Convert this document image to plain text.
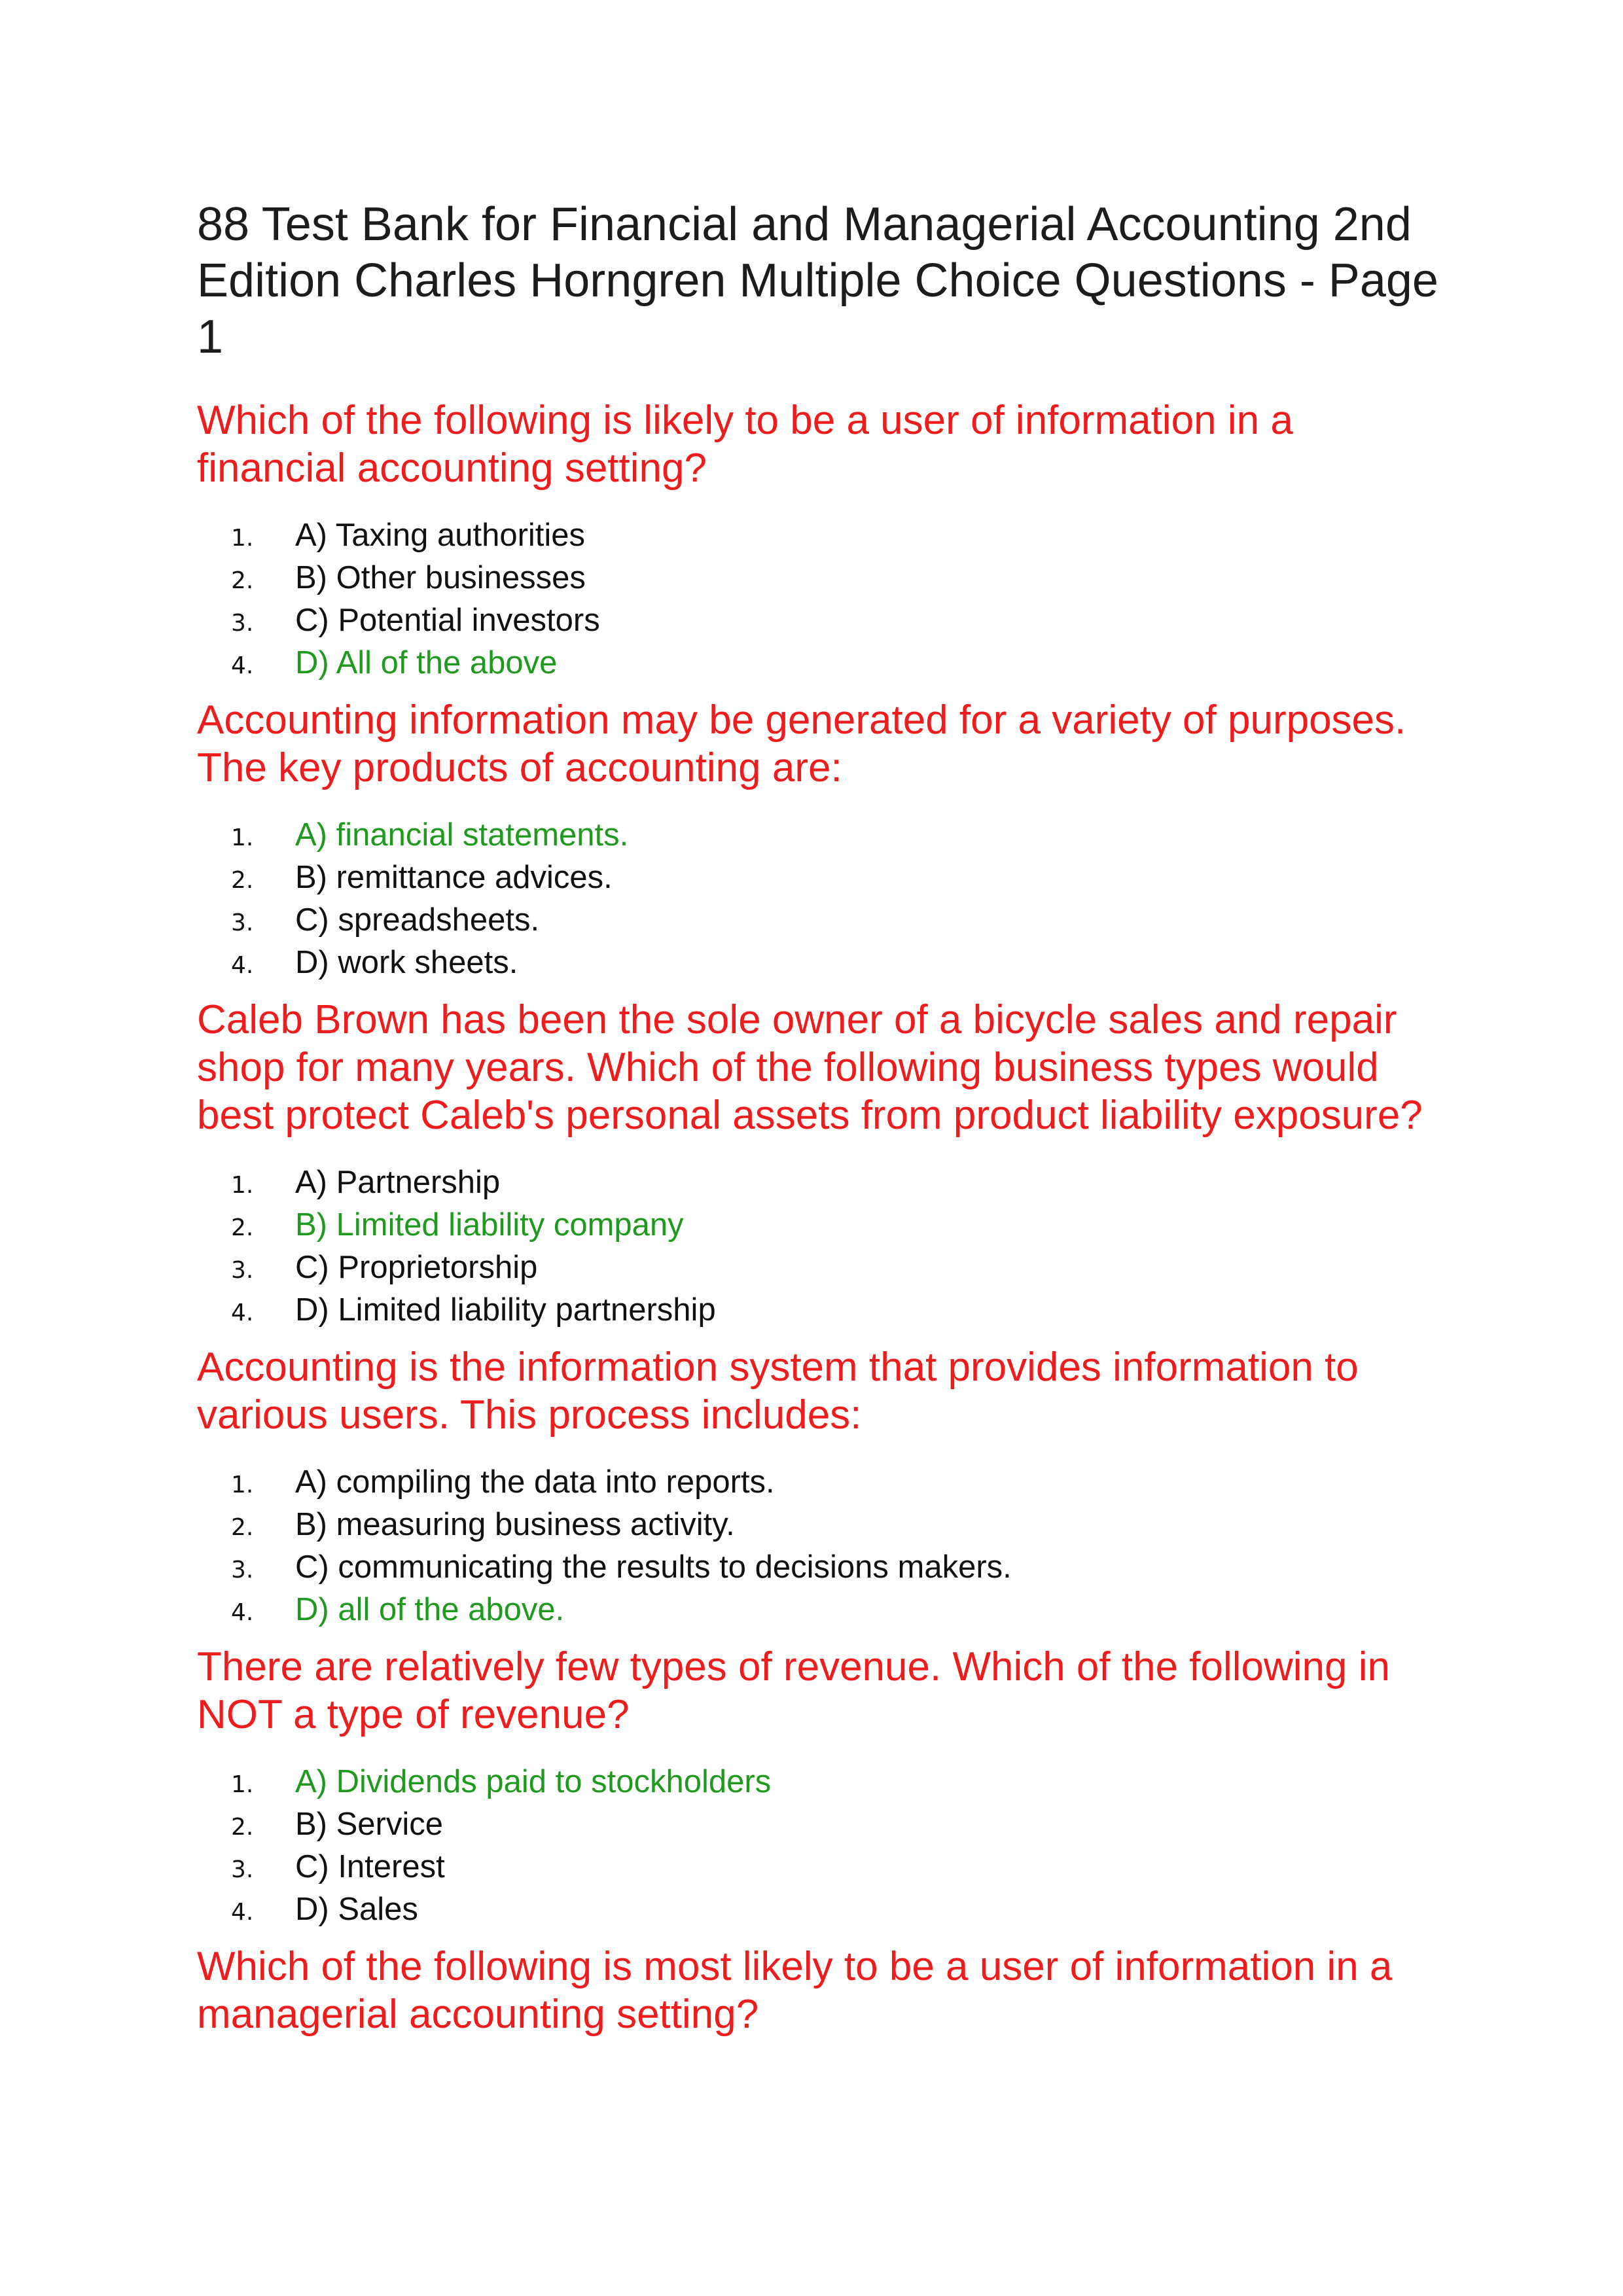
88 Test Bank for Financial and Managerial Accounting 2nd Edition Charles Horngren Multiple Choice Questions - Page 1

Which of the following is likely to be a user of information in a financial accounting setting?

1.	A) Taxing authorities
2.	B) Other businesses
3.	C) Potential investors
4.	D) All of the above

Accounting information may be generated for a variety of purposes. The key products of accounting are:

1.	A) financial statements.
2.	B) remittance advices.
3.	C) spreadsheets.
4.	D) work sheets.

Caleb Brown has been the sole owner of a bicycle sales and repair shop for many years. Which of the following business types would best protect Caleb's personal assets from product liability exposure?

1.	A) Partnership
2.	B) Limited liability company
3.	C) Proprietorship
4.	D) Limited liability partnership

Accounting is the information system that provides information to various users. This process includes:

1.	A) compiling the data into reports.
2.	B) measuring business activity.
3.	C) communicating the results to decisions makers.
4.	D) all of the above.

There are relatively few types of revenue. Which of the following in NOT a type of revenue?

1.	A) Dividends paid to stockholders
2.	B) Service
3.	C) Interest
4.	D) Sales

Which of the following is most likely to be a user of information in a managerial accounting setting?
